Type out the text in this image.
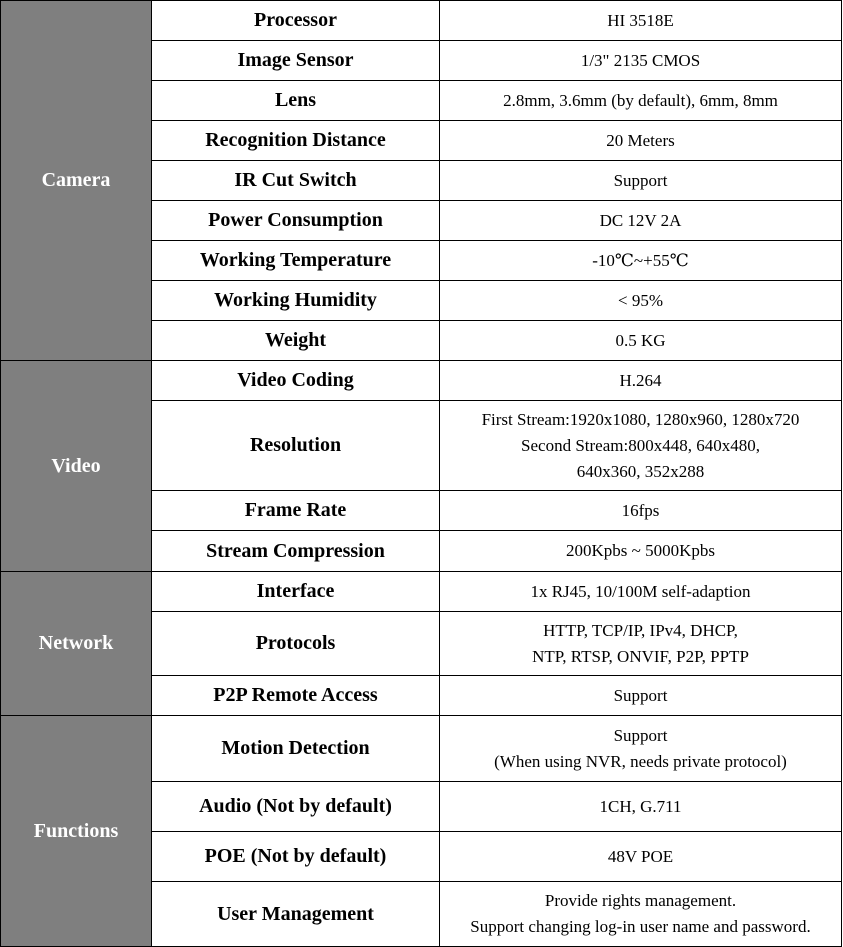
Camera	Processor	HI 3518E

	Image Sensor	1/3" 2135 CMOS

	Lens	2.8mm, 3.6mm (by default), 6mm, 8mm

	Recognition Distance	20 Meters

	IR Cut Switch	Support

	Power Consumption	DC 12V 2A

	Working Temperature	-10℃~+55℃

	Working Humidity	< 95%

	Weight	0.5 KG

Video	Video Coding	H.264

	Resolution	First Stream:1920x1080, 1280x960, 1280x720
Second Stream:800x448, 640x480,
640x360, 352x288

	Frame Rate	16fps

	Stream Compression	200Kpbs ~ 5000Kpbs

Network	Interface	1x RJ45, 10/100M self-adaption

	Protocols	HTTP, TCP/IP, IPv4, DHCP,
NTP, RTSP, ONVIF, P2P, PPTP

	P2P Remote Access	Support

Functions	Motion Detection	Support
(When using NVR, needs private protocol)

	Audio (Not by default)	1CH, G.711

	POE (Not by default)	48V POE

	User Management	Provide rights management.
Support changing log-in user name and password.
